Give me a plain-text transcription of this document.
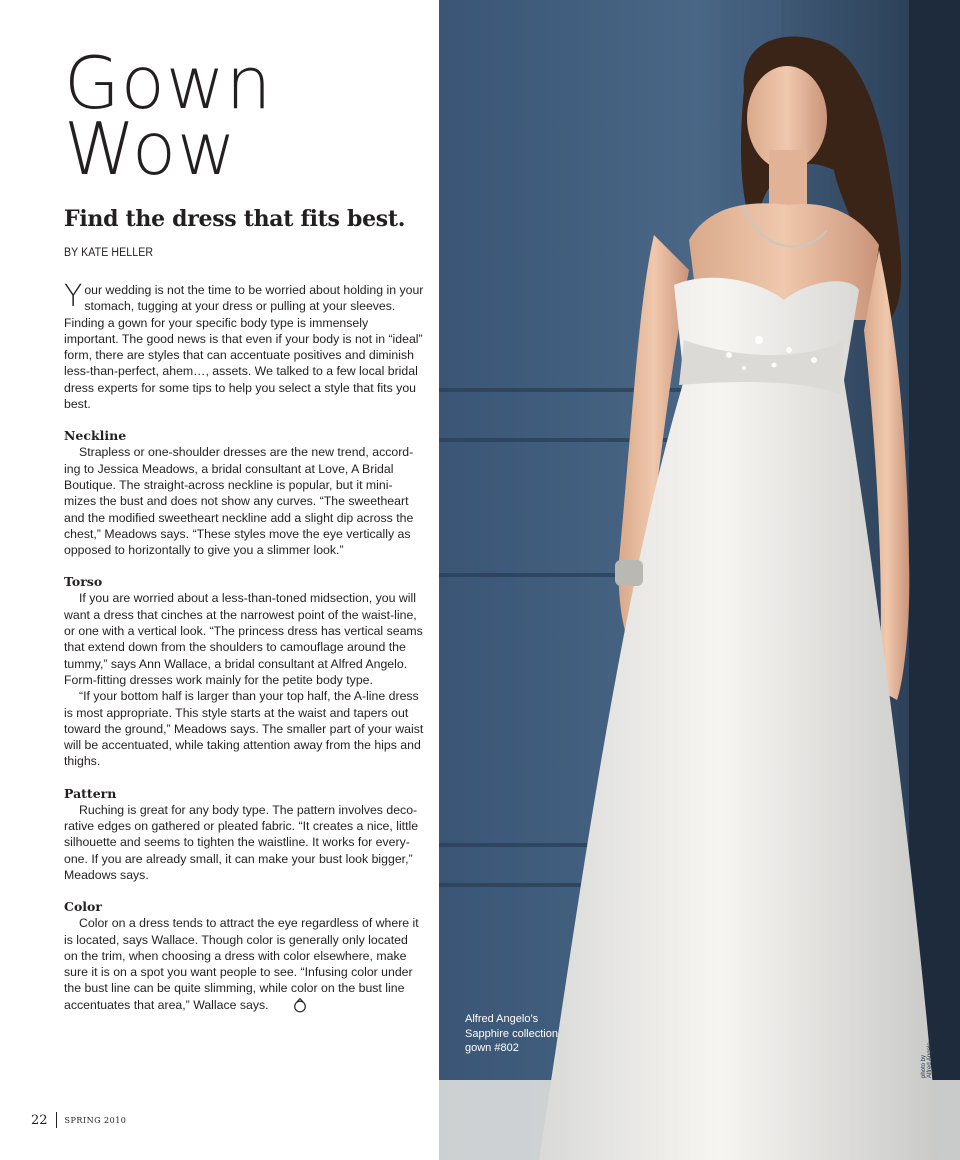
Gown
Wow
Find the dress that fits best.
BY KATE HELLER

Your wedding is not the time to be worried about holding in your stomach, tugging at your dress or pulling at your sleeves. Finding a gown for your specific body type is immensely important. The good news is that even if your body is not in “ideal” form, there are styles that can accentuate positives and diminish less-than-perfect, ahem…, assets. We talked to a few local bridal dress experts for some tips to help you select a style that fits you best.

Neckline

Strapless or one-shoulder dresses are the new trend, accord-ing to Jessica Meadows, a bridal consultant at Love, A Bridal Boutique. The straight-across neckline is popular, but it mini-mizes the bust and does not show any curves. “The sweetheart and the modified sweetheart neckline add a slight dip across the chest,” Meadows says. “These styles move the eye vertically as opposed to horizontally to give you a slimmer look.”

Torso

If you are worried about a less-than-toned midsection, you will want a dress that cinches at the narrowest point of the waist-line, or one with a vertical look. “The princess dress has vertical seams that extend down from the shoulders to camouflage around the tummy,” says Ann Wallace, a bridal consultant at Alfred Angelo. Form-fitting dresses work mainly for the petite body type.

“If your bottom half is larger than your top half, the A-line dress is most appropriate. This style starts at the waist and tapers out toward the ground,” Meadows says. The smaller part of your waist will be accentuated, while taking attention away from the hips and thighs.

Pattern

Ruching is great for any body type. The pattern involves deco-rative edges on gathered or pleated fabric. “It creates a nice, little silhouette and seems to tighten the waistline. It works for every-one. If you are already small, it can make your bust look bigger,” Meadows says.

Color

Color on a dress tends to attract the eye regardless of where it is located, says Wallace. Though color is generally only located on the trim, when choosing a dress with color elsewhere, make sure it is on a spot you want people to see. “Infusing color under the bust line can be quite slimming, while color on the bust line accentuates that area,” Wallace says.

22 SPRING 2010
Alfred Angelo’s
Sapphire collection
gown #802
photo by Alfred Angelo
